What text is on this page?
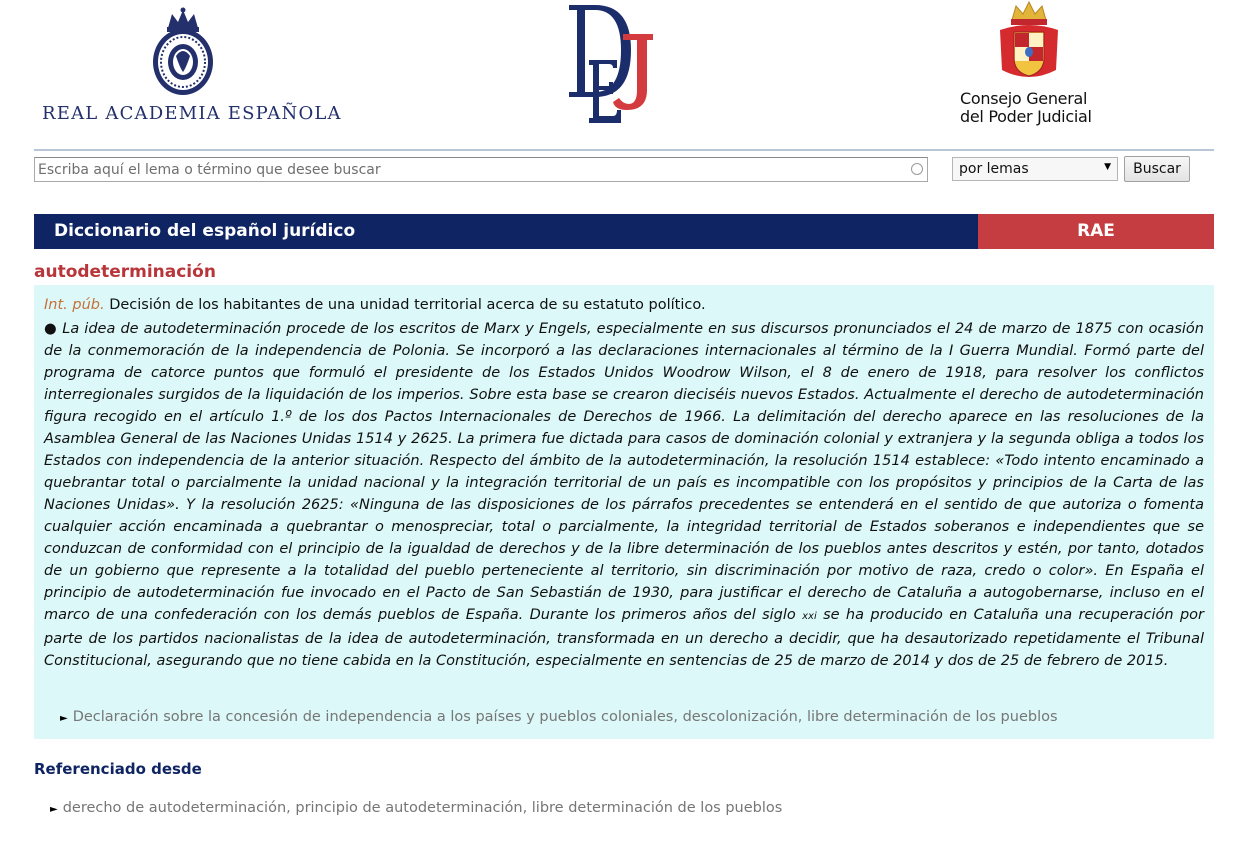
REAL ACADEMIA ESPAÑOLA
Consejo General
del Poder Judicial
Escriba aquí el lema o término que desee buscar
por lemas	▼	Buscar
Diccionario del español jurídico	RAE
autodeterminación
Int. púb. Decisión de los habitantes de una unidad territorial acerca de su estatuto político.
● La idea de autodeterminación procede de los escritos de Marx y Engels, especialmente en sus discursos pronunciados el 24 de marzo de 1875 con ocasión de la conmemoración de la independencia de Polonia. Se incorporó a las declaraciones internacionales al término de la I Guerra Mundial. Formó parte del programa de catorce puntos que formuló el presidente de los Estados Unidos Woodrow Wilson, el 8 de enero de 1918, para resolver los conflictos interregionales surgidos de la liquidación de los imperios. Sobre esta base se crearon dieciséis nuevos Estados. Actualmente el derecho de autodeterminación figura recogido en el artículo 1.º de los dos Pactos Internacionales de Derechos de 1966. La delimitación del derecho aparece en las resoluciones de la Asamblea General de las Naciones Unidas 1514 y 2625. La primera fue dictada para casos de dominación colonial y extranjera y la segunda obliga a todos los Estados con independencia de la anterior situación. Respecto del ámbito de la autodeterminación, la resolución 1514 establece: «Todo intento encaminado a quebrantar total o parcialmente la unidad nacional y la integración territorial de un país es incompatible con los propósitos y principios de la Carta de las Naciones Unidas». Y la resolución 2625: «Ninguna de las disposiciones de los párrafos precedentes se entenderá en el sentido de que autoriza o fomenta cualquier acción encaminada a quebrantar o menospreciar, total o parcialmente, la integridad territorial de Estados soberanos e independientes que se conduzcan de conformidad con el principio de la igualdad de derechos y de la libre determinación de los pueblos antes descritos y estén, por tanto, dotados de un gobierno que represente a la totalidad del pueblo perteneciente al territorio, sin discriminación por motivo de raza, credo o color». En España el principio de autodeterminación fue invocado en el Pacto de San Sebastián de 1930, para justificar el derecho de Cataluña a autogobernarse, incluso en el marco de una confederación con los demás pueblos de España. Durante los primeros años del siglo xxi se ha producido en Cataluña una recuperación por parte de los partidos nacionalistas de la idea de autodeterminación, transformada en un derecho a decidir, que ha desautorizado repetidamente el Tribunal Constitucional, asegurando que no tiene cabida en la Constitución, especialmente en sentencias de 25 de marzo de 2014 y dos de 25 de febrero de 2015.
► Declaración sobre la concesión de independencia a los países y pueblos coloniales, descolonización, libre determinación de los pueblos
Referenciado desde
► derecho de autodeterminación, principio de autodeterminación, libre determinación de los pueblos
